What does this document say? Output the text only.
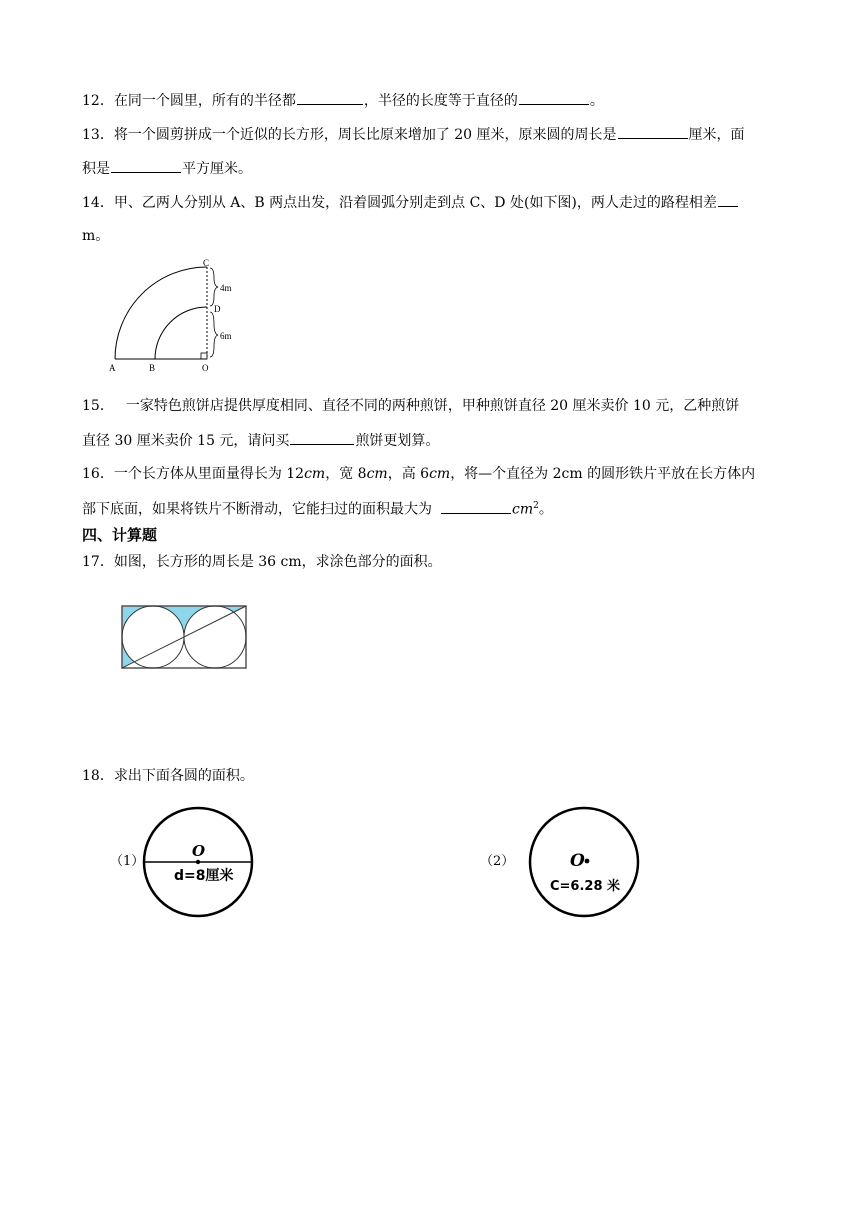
12．在同一个圆里，所有的半径都	，半径的长度等于直径的	。
13．将一个圆剪拼成一个近似的长方形，周长比原来增加了 20 厘米，原来圆的周长是	厘米，面
积是	平方厘米。
14．甲、乙两人分别从 A、B 两点出发，沿着圆弧分别走到点 C、D 处(如下图)，两人走过的路程相差
m。
C
D
4m
6m
A	B	O
15． 一家特色煎饼店提供厚度相同、直径不同的两种煎饼，甲种煎饼直径 20 厘米卖价 10 元，乙种煎饼
直径 30 厘米卖价 15 元，请问买	煎饼更划算。
16．一个长方体从里面量得长为 12cm，宽 8cm，高 6cm，将—个直径为 2cm 的圆形铁片平放在长方体内
部下底面，如果将铁片不断滑动，它能扫过的面积最大为	$cm^2$。
四、计算题
17．如图，长方形的周长是 36 cm，求涂色部分的面积。
18．求出下面各圆的面积。
（1）
O
d=8厘米
（2）	O
C=6.28 米
